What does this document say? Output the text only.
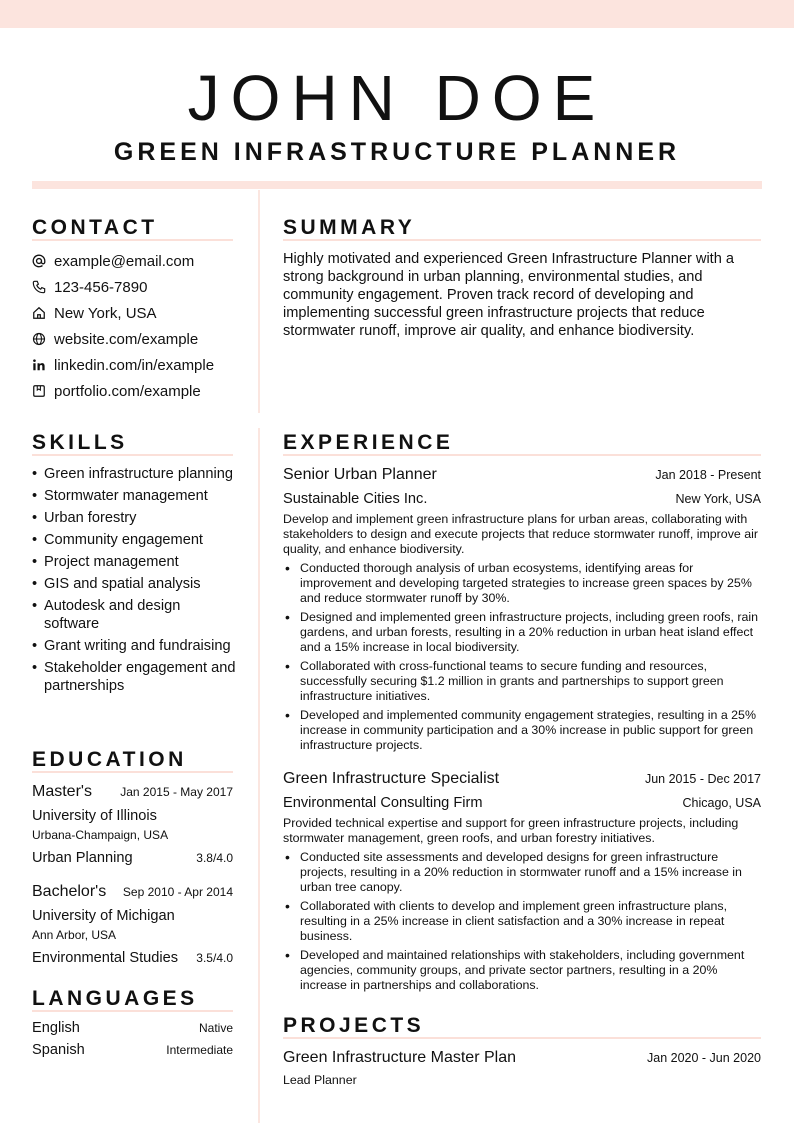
JOHN DOE
GREEN INFRASTRUCTURE PLANNER
CONTACT
example@email.com
123-456-7890
New York, USA
website.com/example
linkedin.com/in/example
portfolio.com/example
SUMMARY
Highly motivated and experienced Green Infrastructure Planner with a strong background in urban planning, environmental studies, and community engagement. Proven track record of developing and implementing successful green infrastructure projects that reduce stormwater runoff, improve air quality, and enhance biodiversity.
SKILLS
• Green infrastructure planning
• Stormwater management
• Urban forestry
• Community engagement
• Project management
• GIS and spatial analysis
• Autodesk and design software
• Grant writing and fundraising
• Stakeholder engagement and partnerships
EDUCATION
Master's Jan 2015 - May 2017
University of Illinois
Urbana-Champaign, USA
Urban Planning	3.8/4.0
Bachelor's Sep 2010 - Apr 2014
University of Michigan
Ann Arbor, USA
Environmental Studies 3.5/4.0
LANGUAGES
English	Native
Spanish	Intermediate
EXPERIENCE
Senior Urban Planner	Jan 2018 - Present
Sustainable Cities Inc.	New York, USA
Develop and implement green infrastructure plans for urban areas, collaborating with stakeholders to design and execute projects that reduce stormwater runoff, improve air quality, and enhance biodiversity.
• Conducted thorough analysis of urban ecosystems, identifying areas for improvement and developing targeted strategies to increase green spaces by 25% and reduce stormwater runoff by 30%.
• Designed and implemented green infrastructure projects, including green roofs, rain gardens, and urban forests, resulting in a 20% reduction in urban heat island effect and a 15% increase in local biodiversity.
• Collaborated with cross-functional teams to secure funding and resources, successfully securing $1.2 million in grants and partnerships to support green infrastructure initiatives.
• Developed and implemented community engagement strategies, resulting in a 25% increase in community participation and a 30% increase in public support for green infrastructure projects.
Green Infrastructure Specialist	Jun 2015 - Dec 2017
Environmental Consulting Firm	Chicago, USA
Provided technical expertise and support for green infrastructure projects, including stormwater management, green roofs, and urban forestry initiatives.
• Conducted site assessments and developed designs for green infrastructure projects, resulting in a 20% reduction in stormwater runoff and a 15% increase in urban tree canopy.
• Collaborated with clients to develop and implement green infrastructure plans, resulting in a 25% increase in client satisfaction and a 30% increase in repeat business.
• Developed and maintained relationships with stakeholders, including government agencies, community groups, and private sector partners, resulting in a 20% increase in partnerships and collaborations.
PROJECTS
Green Infrastructure Master Plan	Jan 2020 - Jun 2020
Lead Planner
